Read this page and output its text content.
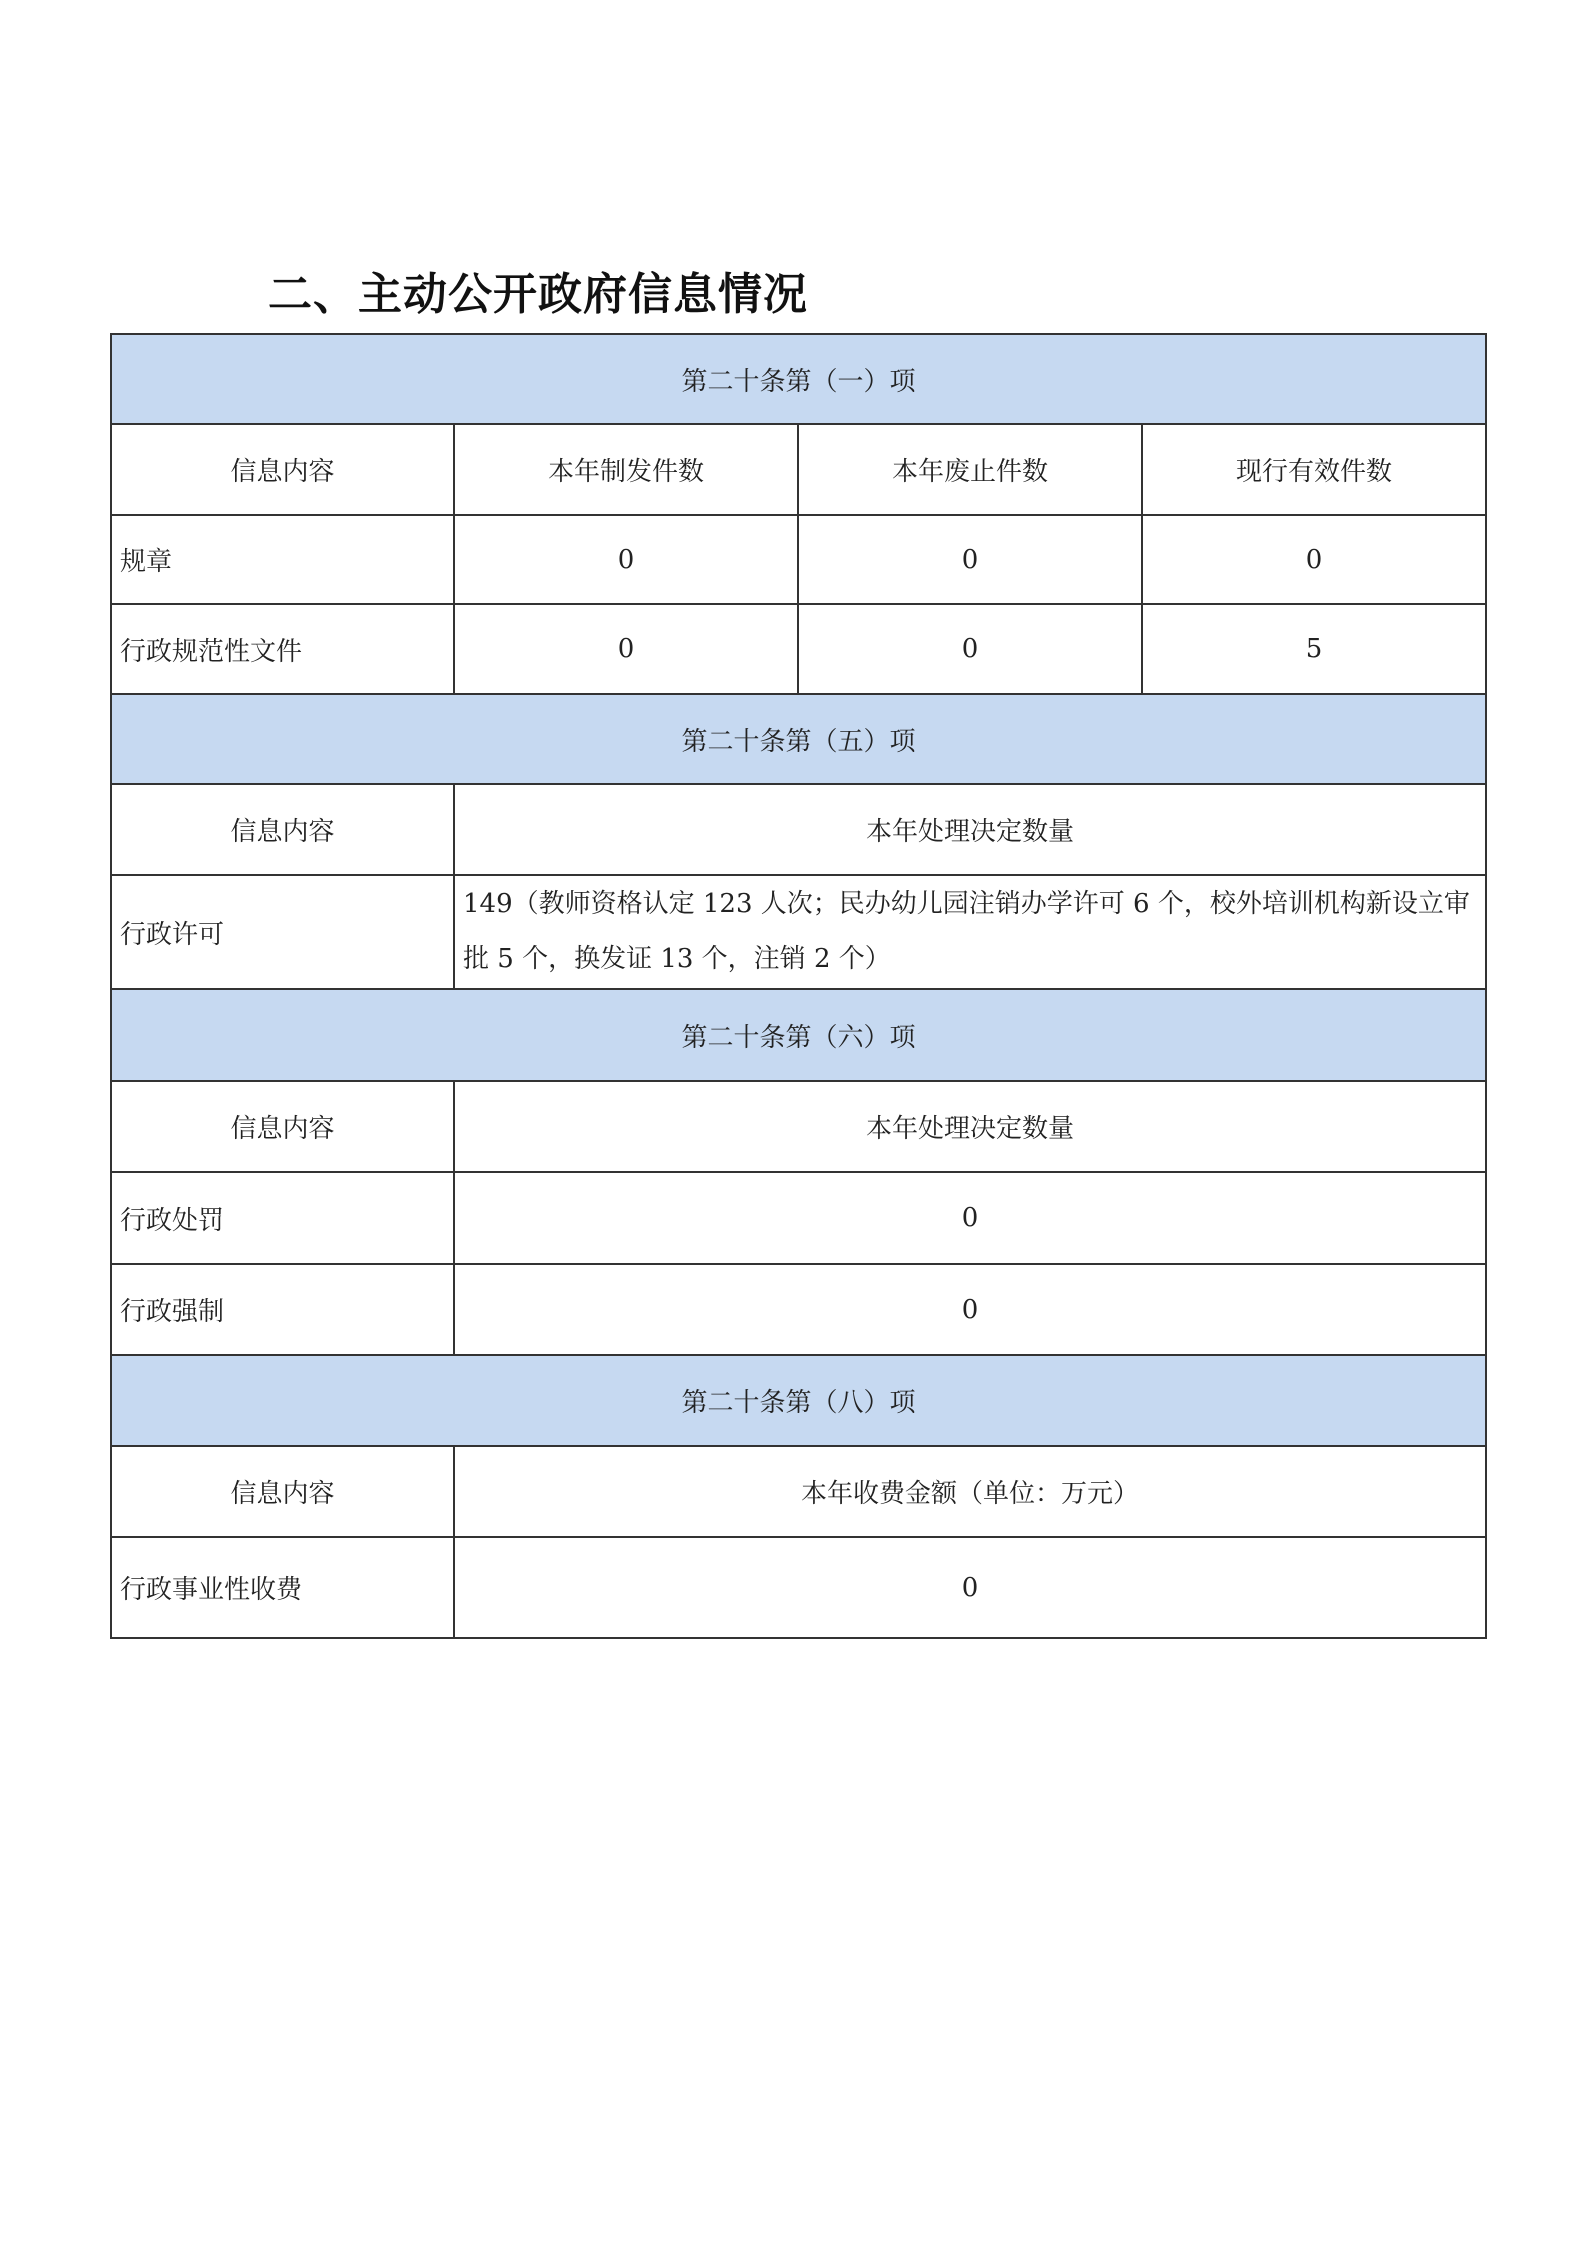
二、主动公开政府信息情况
第二十条第（一）项			
信息内容	本年制发件数	本年废止件数	现行有效件数
规章	0	0	0
行政规范性文件	0	0	5
第二十条第（五）项			
信息内容	本年处理决定数量		
行政许可	149（教师资格认定 123 人次；民办幼儿园注销办学许可 6 个，校外培训机构新设立审批 5 个，换发证 13 个，注销 2 个）		
第二十条第（六）项			
信息内容	本年处理决定数量		
行政处罚	0		
行政强制	0		
第二十条第（八）项			
信息内容	本年收费金额（单位：万元）		
行政事业性收费	0		
